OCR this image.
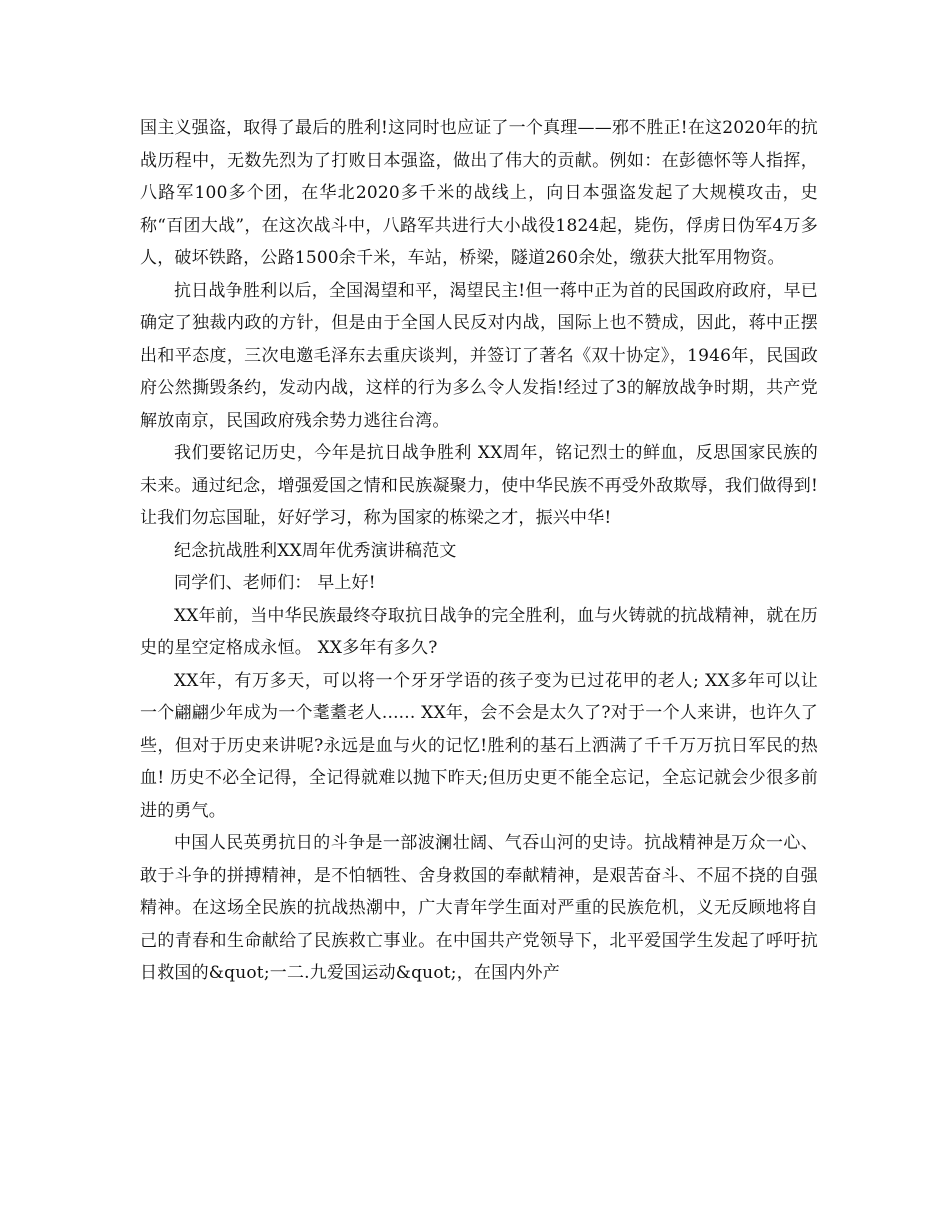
国主义强盗，取得了最后的胜利!这同时也应证了一个真理——邪不胜正!在这2020年的抗战历程中，无数先烈为了打败日本强盗，做出了伟大的贡献。例如：在彭德怀等人指挥，八路军100多个团，在华北2020多千米的战线上，向日本强盗发起了大规模攻击，史称“百团大战”，在这次战斗中，八路军共进行大小战役1824起，毙伤，俘虏日伪军4万多人，破坏铁路，公路1500余千米，车站，桥梁，隧道260余处，缴获大批军用物资。

抗日战争胜利以后，全国渴望和平，渴望民主!但一蒋中正为首的民国政府政府，早已确定了独裁内政的方针，但是由于全国人民反对内战，国际上也不赞成，因此，蒋中正摆出和平态度，三次电邀毛泽东去重庆谈判，并签订了著名《双十协定》，1946年，民国政府公然撕毁条约，发动内战，这样的行为多么令人发指!经过了3的解放战争时期，共产党解放南京，民国政府残余势力逃往台湾。

我们要铭记历史，今年是抗日战争胜利 XX周年，铭记烈士的鲜血，反思国家民族的未来。通过纪念，增强爱国之情和民族凝聚力，使中华民族不再受外敌欺辱，我们做得到!让我们勿忘国耻，好好学习，称为国家的栋梁之才，振兴中华!

纪念抗战胜利XX周年优秀演讲稿范文

同学们、老师们： 早上好!

XX年前，当中华民族最终夺取抗日战争的完全胜利，血与火铸就的抗战精神，就在历史的星空定格成永恒。 XX多年有多久?

XX年，有万多天，可以将一个牙牙学语的孩子变为已过花甲的老人; XX多年可以让一个翩翩少年成为一个耄耋老人...... XX年，会不会是太久了?对于一个人来讲，也许久了些，但对于历史来讲呢?永远是血与火的记忆!胜利的基石上洒满了千千万万抗日军民的热血! 历史不必全记得，全记得就难以抛下昨天;但历史更不能全忘记，全忘记就会少很多前进的勇气。

中国人民英勇抗日的斗争是一部波澜壮阔、气吞山河的史诗。抗战精神是万众一心、敢于斗争的拼搏精神，是不怕牺牲、舍身救国的奉献精神，是艰苦奋斗、不屈不挠的自强精神。在这场全民族的抗战热潮中，广大青年学生面对严重的民族危机，义无反顾地将自己的青春和生命献给了民族救亡事业。在中国共产党领导下，北平爱国学生发起了呼吁抗日救国的&quot;一二.九爱国运动&quot;，在国内外产
